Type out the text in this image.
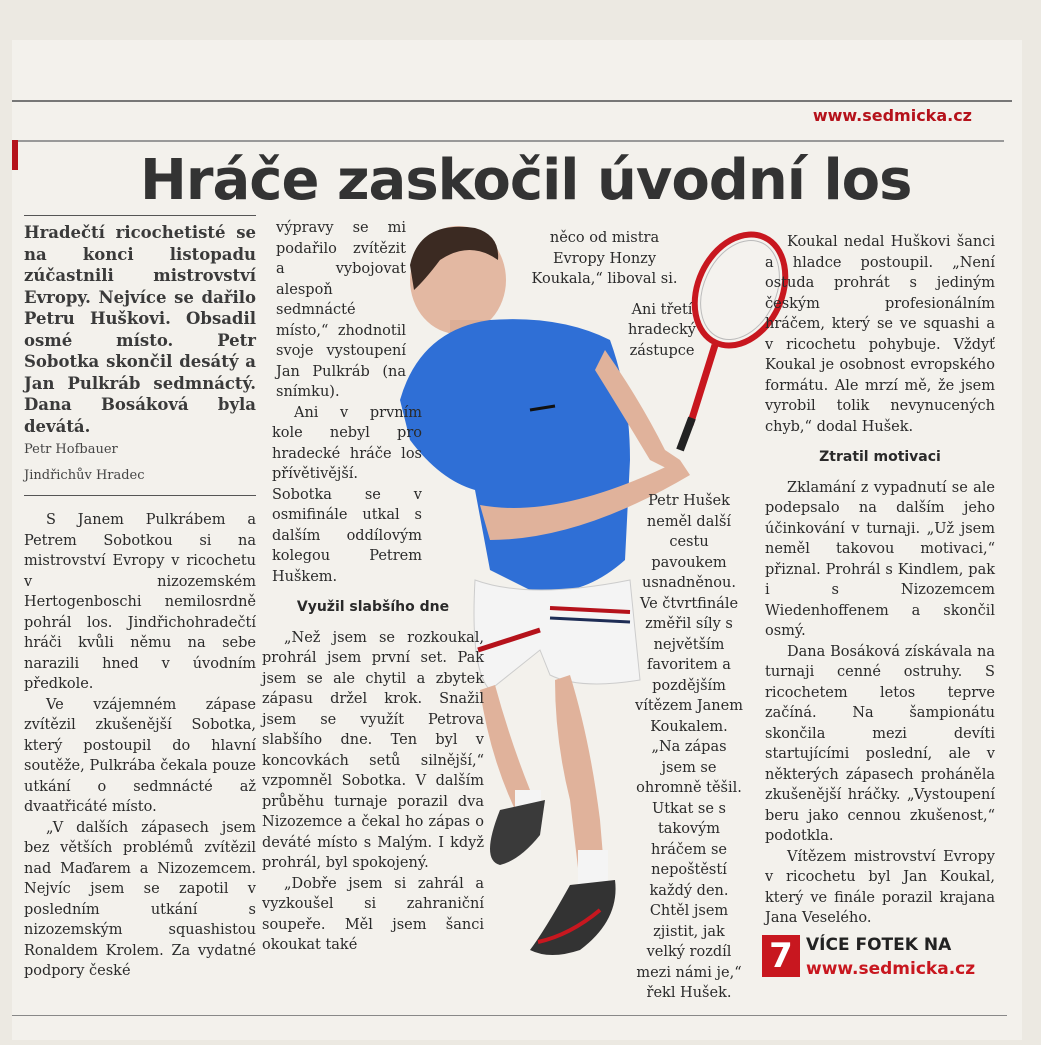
www.sedmicka.cz
Hráče zaskočil úvodní los

Hradečtí ricochetisté se na konci listopadu zúčastnili mistrovství Evropy. Nejvíce se dařilo Petru Huškovi. Obsadil osmé místo. Petr Sobotka skončil desátý a Jan Pulkráb sedmnáctý. Dana Bosáková byla devátá.

Petr Hofbauer
Jindřichův Hradec

S Janem Pulkrábem a Petrem Sobotkou si na mistrovství Evropy v ricochetu v nizozemském Hertogenboschi nemilosrdně pohrál los. Jindřichohradečtí hráči kvůli němu na sebe narazili hned v úvodním předkole.

Ve vzájemném zápase zvítězil zkušenější Sobotka, který postoupil do hlavní soutěže, Pulkrába čekala pouze utkání o sedmnácté až dvaatřicáté místo.

„V dalších zápasech jsem bez větších problémů zvítězil nad Maďarem a Nizozemcem. Nejvíc jsem se zapotil v posledním utkání s nizozemským squashistou Ronaldem Krolem. Za vydatné podpory české

výpravy se mi podařilo zvítězit a vybojovat alespoň sedmnácté místo,“ zhodnotil svoje vystoupení Jan Pulkráb (na snímku).

Ani v prvním kole nebyl pro hradecké hráče los přívětivější. Sobotka se v osmifinále utkal s dalším oddílovým kolegou Petrem Huškem.

Využil slabšího dne

„Než jsem se rozkoukal, prohrál jsem první set. Pak jsem se ale chytil a zbytek zápasu držel krok. Snažil jsem se využít Petrova slabšího dne. Ten byl v koncovkách setů silnější,“ vzpomněl Sobotka. V dalším průběhu turnaje porazil dva Nizozemce a čekal ho zápas o deváté místo s Malým. I když prohrál, byl spokojený.

„Dobře jsem si zahrál a vyzkoušel si zahraniční soupeře. Měl jsem šanci okoukat také

něco od mistra Evropy Honzy Koukala,“ liboval si.

Ani třetí hradecký zástupce

Petr Hušek neměl další cestu pavoukem usnadněnou. Ve čtvrtfinále změřil síly s největším favoritem a pozdějším vítězem Janem Koukalem. „Na zápas jsem se ohromně těšil. Utkat se s takovým hráčem se nepoštěstí každý den. Chtěl jsem zjistit, jak velký rozdíl mezi námi je,“ řekl Hušek.

Koukal nedal Huškovi šanci a hladce postoupil. „Není ostuda prohrát s jediným českým profesionálním hráčem, který se ve squashi a v ricochetu pohybuje. Vždyť Koukal je osobnost evropského formátu. Ale mrzí mě, že jsem vyrobil tolik nevynucených chyb,“ dodal Hušek.

Ztratil motivaci

Zklamání z vypadnutí se ale podepsalo na dalším jeho účinkování v turnaji. „Už jsem neměl takovou motivaci,“ přiznal. Prohrál s Kindlem, pak i s Nizozemcem Wiedenhoffenem a skončil osmý.

Dana Bosáková získávala na turnaji cenné ostruhy. S ricochetem letos teprve začíná. Na šampionátu skončila mezi devíti startujícími poslední, ale v některých zápasech proháněla zkušenější hráčky. „Vystoupení beru jako cennou zkušenost,“ podotkla.

Vítězem mistrovství Evropy v ricochetu byl Jan Koukal, který ve finále porazil krajana Jana Veselého.

7 VÍCE FOTEK NA
www.sedmicka.cz
